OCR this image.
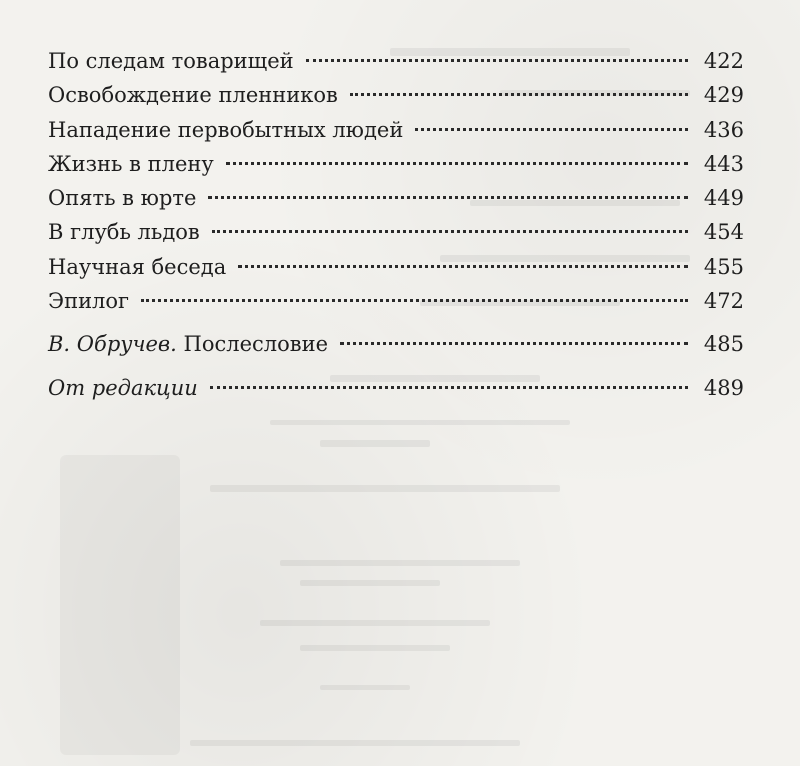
По следам товарищей	422
Освобождение пленников	429
Нападение первобытных людей	436
Жизнь в плену	443
Опять в юрте	449
В глубь льдов	454
Научная беседа	455
Эпилог	472
В. Обручев. Послесловие	485
От редакции	489
